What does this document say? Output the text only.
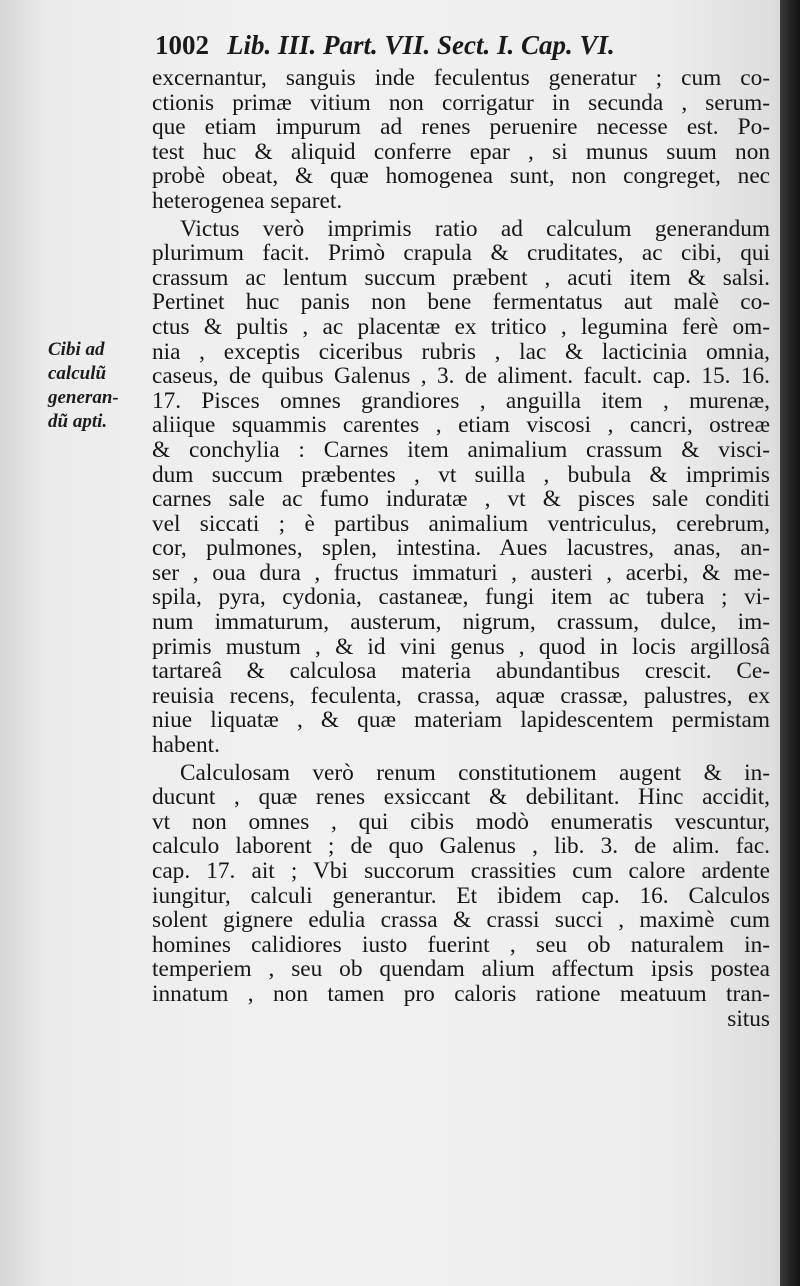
1002 Lib. III. Part. VII. Sect. I. Cap. VI.
Cibi ad
calculũ
generan-
dũ apti.
excernantur, sanguis inde feculentus generatur ; cum co-
ctionis primæ vitium non corrigatur in secunda , serum-
que etiam impurum ad renes peruenire necesse est. Po-
test huc & aliquid conferre epar , si munus suum non
probè obeat, & quæ homogenea sunt, non congreget, nec
heterogenea separet.
Victus verò imprimis ratio ad calculum generandum
plurimum facit. Primò crapula & cruditates, ac cibi, qui
crassum ac lentum succum præbent , acuti item & salsi.
Pertinet huc panis non bene fermentatus aut malè co-
ctus & pultis , ac placentæ ex tritico , legumina ferè om-
nia , exceptis ciceribus rubris , lac & lacticinia omnia,
caseus, de quibus Galenus , 3. de aliment. facult. cap. 15. 16.
17. Pisces omnes grandiores , anguilla item , murenæ,
aliique squammis carentes , etiam viscosi , cancri, ostreæ
& conchylia : Carnes item animalium crassum & visci-
dum succum præbentes , vt suilla , bubula & imprimis
carnes sale ac fumo induratæ , vt & pisces sale conditi
vel siccati ; è partibus animalium ventriculus, cerebrum,
cor, pulmones, splen, intestina. Aues lacustres, anas, an-
ser , oua dura , fructus immaturi , austeri , acerbi, & me-
spila, pyra, cydonia, castaneæ, fungi item ac tubera ; vi-
num immaturum, austerum, nigrum, crassum, dulce, im-
primis mustum , & id vini genus , quod in locis argillosâ
tartareâ & calculosa materia abundantibus crescit. Ce-
reuisia recens, feculenta, crassa, aquæ crassæ, palustres, ex
niue liquatæ , & quæ materiam lapidescentem permistam
habent.
Calculosam verò renum constitutionem augent & in-
ducunt , quæ renes exsiccant & debilitant. Hinc accidit,
vt non omnes , qui cibis modò enumeratis vescuntur,
calculo laborent ; de quo Galenus , lib. 3. de alim. fac.
cap. 17. ait ; Vbi succorum crassities cum calore ardente
iungitur, calculi generantur. Et ibidem cap. 16. Calculos
solent gignere edulia crassa & crassi succi , maximè cum
homines calidiores iusto fuerint , seu ob naturalem in-
temperiem , seu ob quendam alium affectum ipsis postea
innatum , non tamen pro caloris ratione meatuum tran-
situs
